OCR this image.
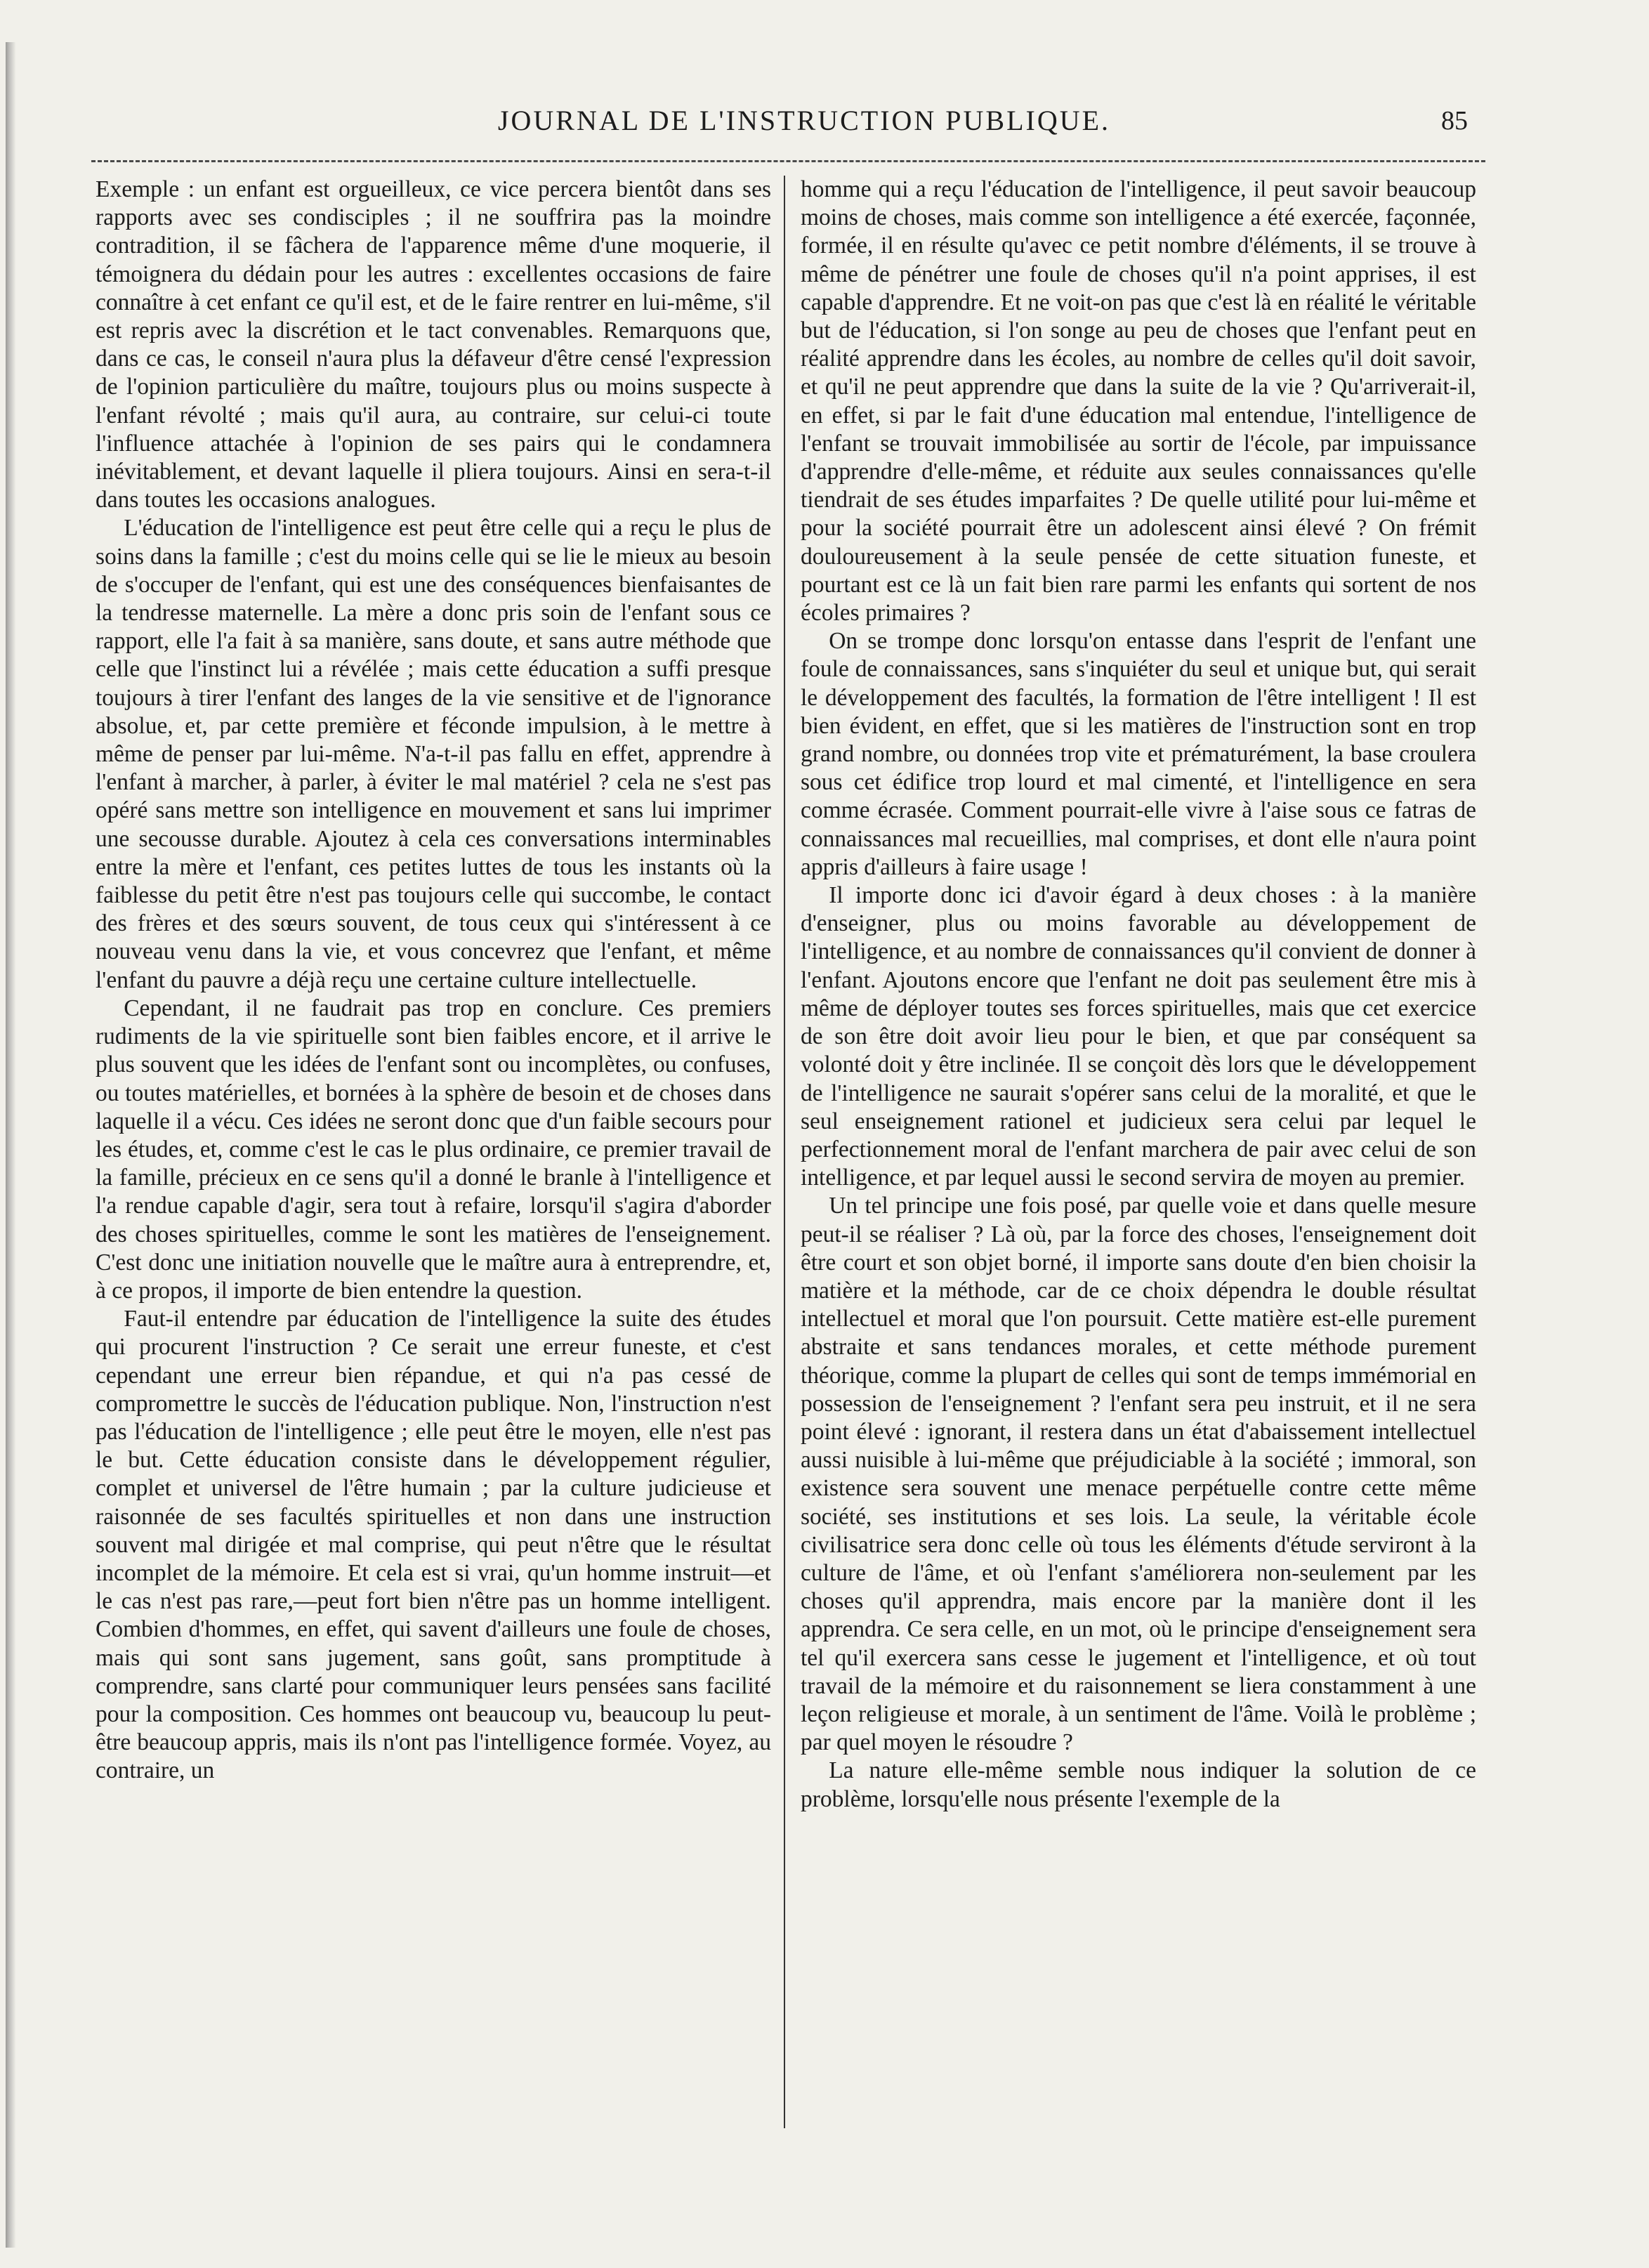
JOURNAL DE L'INSTRUCTION PUBLIQUE.	85

Exemple : un enfant est orgueilleux, ce vice percera bientôt dans ses rapports avec ses condisciples ; il ne souffrira pas la moindre contradition, il se fâchera de l'apparence même d'une moquerie, il témoignera du dédain pour les autres : excellentes occasions de faire connaître à cet enfant ce qu'il est, et de le faire rentrer en lui-même, s'il est repris avec la discrétion et le tact convenables. Remarquons que, dans ce cas, le conseil n'aura plus la défaveur d'être censé l'expression de l'opinion particulière du maître, toujours plus ou moins suspecte à l'enfant révolté ; mais qu'il aura, au contraire, sur celui-ci toute l'influence attachée à l'opinion de ses pairs qui le condamnera inévitablement, et devant laquelle il pliera toujours. Ainsi en sera-t-il dans toutes les occasions analogues.

L'éducation de l'intelligence est peut être celle qui a reçu le plus de soins dans la famille ; c'est du moins celle qui se lie le mieux au besoin de s'occuper de l'enfant, qui est une des conséquences bienfaisantes de la tendresse maternelle. La mère a donc pris soin de l'enfant sous ce rapport, elle l'a fait à sa manière, sans doute, et sans autre méthode que celle que l'instinct lui a révélée ; mais cette éducation a suffi presque toujours à tirer l'enfant des langes de la vie sensitive et de l'ignorance absolue, et, par cette première et féconde impulsion, à le mettre à même de penser par lui-même. N'a-t-il pas fallu en effet, apprendre à l'enfant à marcher, à parler, à éviter le mal matériel ? cela ne s'est pas opéré sans mettre son intelligence en mouvement et sans lui imprimer une secousse durable. Ajoutez à cela ces conversations interminables entre la mère et l'enfant, ces petites luttes de tous les instants où la faiblesse du petit être n'est pas toujours celle qui succombe, le contact des frères et des sœurs souvent, de tous ceux qui s'intéressent à ce nouveau venu dans la vie, et vous concevrez que l'enfant, et même l'enfant du pauvre a déjà reçu une certaine culture intellectuelle.

Cependant, il ne faudrait pas trop en conclure. Ces premiers rudiments de la vie spirituelle sont bien faibles encore, et il arrive le plus souvent que les idées de l'enfant sont ou incomplètes, ou confuses, ou toutes matérielles, et bornées à la sphère de besoin et de choses dans laquelle il a vécu. Ces idées ne seront donc que d'un faible secours pour les études, et, comme c'est le cas le plus ordinaire, ce premier travail de la famille, précieux en ce sens qu'il a donné le branle à l'intelligence et l'a rendue capable d'agir, sera tout à refaire, lorsqu'il s'agira d'aborder des choses spirituelles, comme le sont les matières de l'enseignement. C'est donc une initiation nouvelle que le maître aura à entreprendre, et, à ce propos, il importe de bien entendre la question.

Faut-il entendre par éducation de l'intelligence la suite des études qui procurent l'instruction ? Ce serait une erreur funeste, et c'est cependant une erreur bien répandue, et qui n'a pas cessé de compromettre le succès de l'éducation publique. Non, l'instruction n'est pas l'éducation de l'intelligence ; elle peut être le moyen, elle n'est pas le but. Cette éducation consiste dans le développement régulier, complet et universel de l'être humain ; par la culture judicieuse et raisonnée de ses facultés spirituelles et non dans une instruction souvent mal dirigée et mal comprise, qui peut n'être que le résultat incomplet de la mémoire. Et cela est si vrai, qu'un homme instruit—et le cas n'est pas rare,—peut fort bien n'être pas un homme intelligent. Combien d'hommes, en effet, qui savent d'ailleurs une foule de choses, mais qui sont sans jugement, sans goût, sans promptitude à comprendre, sans clarté pour communiquer leurs pensées sans facilité pour la composition. Ces hommes ont beaucoup vu, beaucoup lu peut-être beaucoup appris, mais ils n'ont pas l'intelligence formée. Voyez, au contraire, un

homme qui a reçu l'éducation de l'intelligence, il peut savoir beaucoup moins de choses, mais comme son intelligence a été exercée, façonnée, formée, il en résulte qu'avec ce petit nombre d'éléments, il se trouve à même de pénétrer une foule de choses qu'il n'a point apprises, il est capable d'apprendre. Et ne voit-on pas que c'est là en réalité le véritable but de l'éducation, si l'on songe au peu de choses que l'enfant peut en réalité apprendre dans les écoles, au nombre de celles qu'il doit savoir, et qu'il ne peut apprendre que dans la suite de la vie ? Qu'arriverait-il, en effet, si par le fait d'une éducation mal entendue, l'intelligence de l'enfant se trouvait immobilisée au sortir de l'école, par impuissance d'apprendre d'elle-même, et réduite aux seules connaissances qu'elle tiendrait de ses études imparfaites ? De quelle utilité pour lui-même et pour la société pourrait être un adolescent ainsi élevé ? On frémit douloureusement à la seule pensée de cette situation funeste, et pourtant est ce là un fait bien rare parmi les enfants qui sortent de nos écoles primaires ?

On se trompe donc lorsqu'on entasse dans l'esprit de l'enfant une foule de connaissances, sans s'inquiéter du seul et unique but, qui serait le développement des facultés, la formation de l'être intelligent ! Il est bien évident, en effet, que si les matières de l'instruction sont en trop grand nombre, ou données trop vite et prématurément, la base croulera sous cet édifice trop lourd et mal cimenté, et l'intelligence en sera comme écrasée. Comment pourrait-elle vivre à l'aise sous ce fatras de connaissances mal recueillies, mal comprises, et dont elle n'aura point appris d'ailleurs à faire usage !

Il importe donc ici d'avoir égard à deux choses : à la manière d'enseigner, plus ou moins favorable au développement de l'intelligence, et au nombre de connaissances qu'il convient de donner à l'enfant. Ajoutons encore que l'enfant ne doit pas seulement être mis à même de déployer toutes ses forces spirituelles, mais que cet exercice de son être doit avoir lieu pour le bien, et que par conséquent sa volonté doit y être inclinée. Il se conçoit dès lors que le développement de l'intelligence ne saurait s'opérer sans celui de la moralité, et que le seul enseignement rationel et judicieux sera celui par lequel le perfectionnement moral de l'enfant marchera de pair avec celui de son intelligence, et par lequel aussi le second servira de moyen au premier.

Un tel principe une fois posé, par quelle voie et dans quelle mesure peut-il se réaliser ? Là où, par la force des choses, l'enseignement doit être court et son objet borné, il importe sans doute d'en bien choisir la matière et la méthode, car de ce choix dépendra le double résultat intellectuel et moral que l'on poursuit. Cette matière est-elle purement abstraite et sans tendances morales, et cette méthode purement théorique, comme la plupart de celles qui sont de temps immémorial en possession de l'enseignement ? l'enfant sera peu instruit, et il ne sera point élevé : ignorant, il restera dans un état d'abaissement intellectuel aussi nuisible à lui-même que préjudiciable à la société ; immoral, son existence sera souvent une menace perpétuelle contre cette même société, ses institutions et ses lois. La seule, la véritable école civilisatrice sera donc celle où tous les éléments d'étude serviront à la culture de l'âme, et où l'enfant s'améliorera non-seulement par les choses qu'il apprendra, mais encore par la manière dont il les apprendra. Ce sera celle, en un mot, où le principe d'enseignement sera tel qu'il exercera sans cesse le jugement et l'intelligence, et où tout travail de la mémoire et du raisonnement se liera constamment à une leçon religieuse et morale, à un sentiment de l'âme. Voilà le problème ; par quel moyen le résoudre ?

La nature elle-même semble nous indiquer la solution de ce problème, lorsqu'elle nous présente l'exemple de la
